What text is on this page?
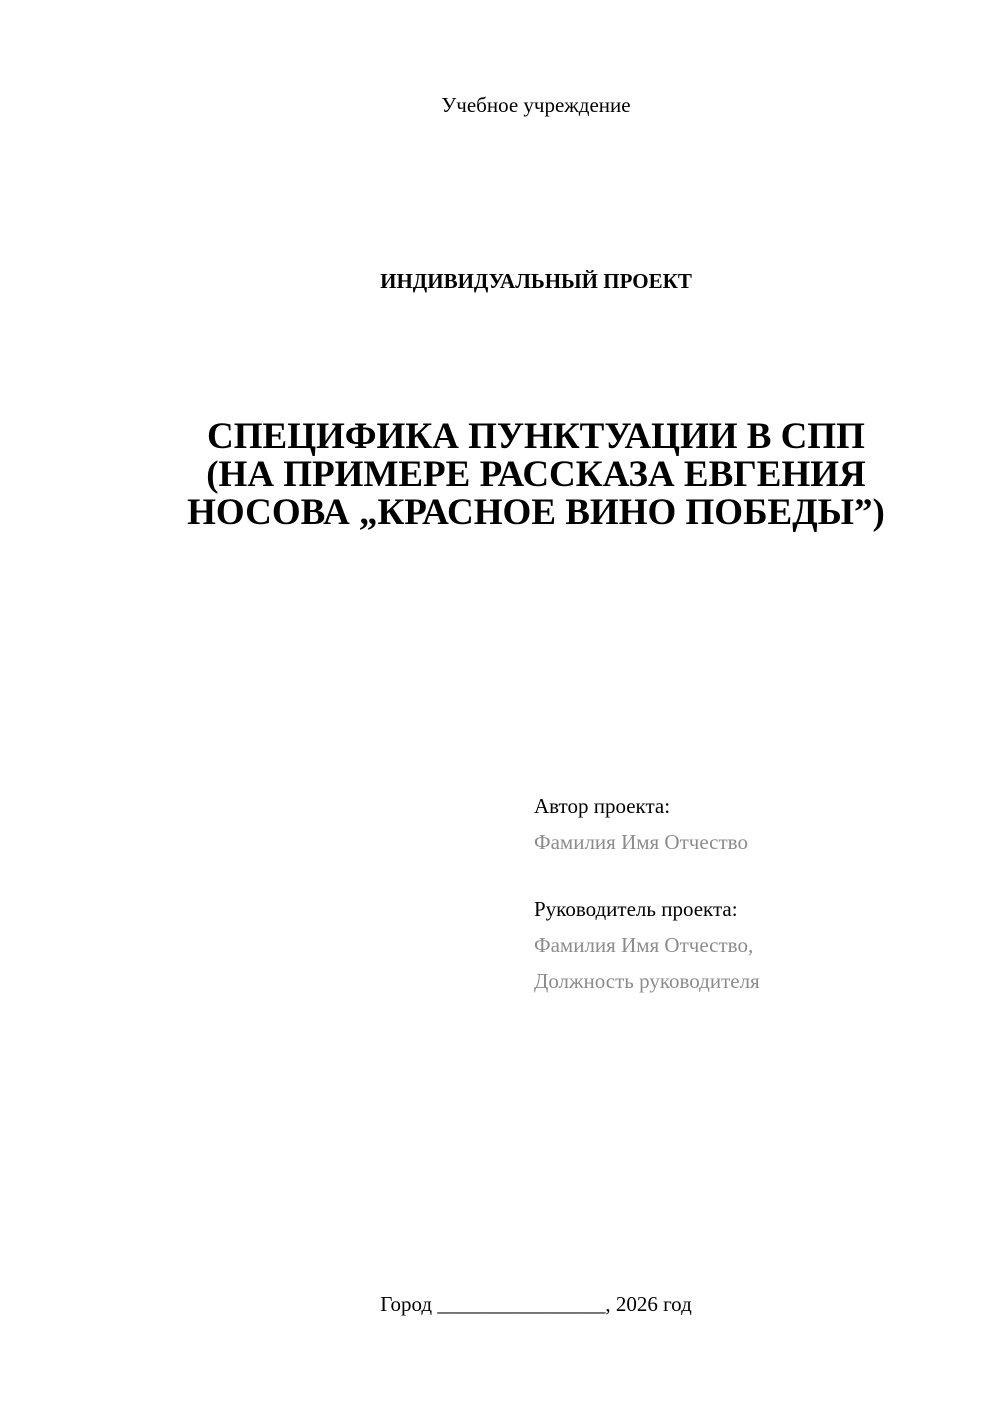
Учебное учреждение
ИНДИВИДУАЛЬНЫЙ ПРОЕКТ
СПЕЦИФИКА ПУНКТУАЦИИ В СПП
(НА ПРИМЕРЕ РАССКАЗА ЕВГЕНИЯ
НОСОВА „КРАСНОЕ ВИНО ПОБЕДЫ”)
Автор проекта:
Фамилия Имя Отчество
Руководитель проекта:
Фамилия Имя Отчество,
Должность руководителя
Город ________________, 2026 год
